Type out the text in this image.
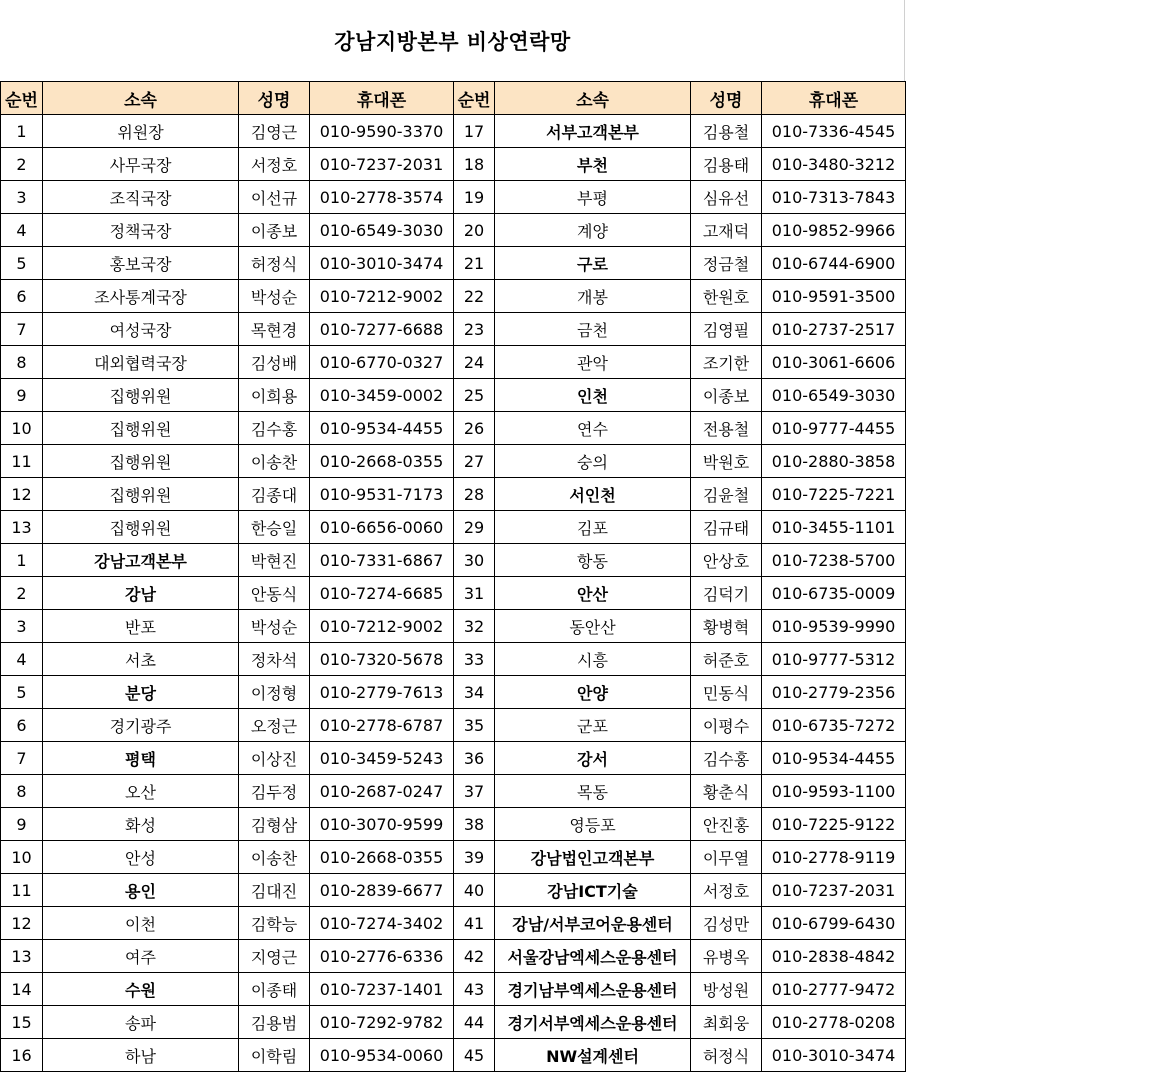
강남지방본부 비상연락망
순번	소속	성명	휴대폰	순번	소속	성명	휴대폰
1	위원장	김영근	010-9590-3370	17	서부고객본부	김용철	010-7336-4545
2	사무국장	서정호	010-7237-2031	18	부천	김용태	010-3480-3212
3	조직국장	이선규	010-2778-3574	19	부평	심유선	010-7313-7843
4	정책국장	이종보	010-6549-3030	20	계양	고재덕	010-9852-9966
5	홍보국장	허정식	010-3010-3474	21	구로	정금철	010-6744-6900
6	조사통계국장	박성순	010-7212-9002	22	개봉	한원호	010-9591-3500
7	여성국장	목현경	010-7277-6688	23	금천	김영필	010-2737-2517
8	대외협력국장	김성배	010-6770-0327	24	관악	조기한	010-3061-6606
9	집행위원	이희용	010-3459-0002	25	인천	이종보	010-6549-3030
10	집행위원	김수홍	010-9534-4455	26	연수	전용철	010-9777-4455
11	집행위원	이송찬	010-2668-0355	27	숭의	박원호	010-2880-3858
12	집행위원	김종대	010-9531-7173	28	서인천	김윤철	010-7225-7221
13	집행위원	한승일	010-6656-0060	29	김포	김규태	010-3455-1101
1	강남고객본부	박현진	010-7331-6867	30	항동	안상호	010-7238-5700
2	강남	안동식	010-7274-6685	31	안산	김덕기	010-6735-0009
3	반포	박성순	010-7212-9002	32	동안산	황병혁	010-9539-9990
4	서초	정차석	010-7320-5678	33	시흥	허준호	010-9777-5312
5	분당	이정형	010-2779-7613	34	안양	민동식	010-2779-2356
6	경기광주	오정근	010-2778-6787	35	군포	이평수	010-6735-7272
7	평택	이상진	010-3459-5243	36	강서	김수홍	010-9534-4455
8	오산	김두정	010-2687-0247	37	목동	황춘식	010-9593-1100
9	화성	김형삼	010-3070-9599	38	영등포	안진홍	010-7225-9122
10	안성	이송찬	010-2668-0355	39	강남법인고객본부	이무열	010-2778-9119
11	용인	김대진	010-2839-6677	40	강남ICT기술	서정호	010-7237-2031
12	이천	김학능	010-7274-3402	41	강남/서부코어운용센터	김성만	010-6799-6430
13	여주	지영근	010-2776-6336	42	서울강남엑세스운용센터	유병옥	010-2838-4842
14	수원	이종태	010-7237-1401	43	경기남부엑세스운용센터	방성원	010-2777-9472
15	송파	김용범	010-7292-9782	44	경기서부엑세스운용센터	최회웅	010-2778-0208
16	하남	이학림	010-9534-0060	45	NW설계센터	허정식	010-3010-3474
